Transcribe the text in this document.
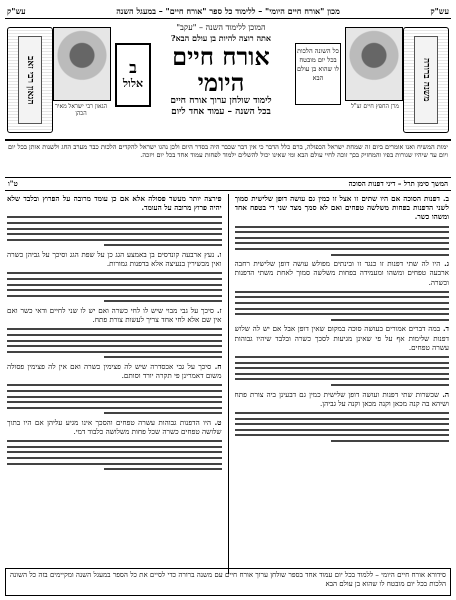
עש"ק
מכון "אורח חיים היומי" – ללימוד כל ספר "אורח חיים" – במעגל השנה
עש"ק
הגאון רבי זאב	משנה ברורה
הגאון רבי ישראל מאיר הכהן
מרן החפץ חיים זצ"ל
ב
אלול
כל השונה הלכות בכל יום מובטח לו שהוא בן עולם הבא
המוכן ללימוד השנה – "עקב"
אתה רוצה להיות בן עולם הבא?
אורח חיים היומי
לימוד שולחן ערוך אורח חיים
בכל השנה – עמוד אחד ליום
ימות המשיח ואנו אומרים ביום זה שמחת ישראל הכפולה, ברם כלל הדבר כי אין דבר שכבר היה בסדר היום ולכן נהגו ישראל להקדים הלכות כבר מערב החג ולשנות אותן בכל יום ויום עד שיהיו שגורות בפיו והמחזיק בכך זוכה לחיי עולם הבא ומי שאינו יכול להשלים ילמוד לפחות עמוד אחד בכל יום ויזכה.
המשך סימן תרל – דיני דפנות הסוכה
ט"ו

ב. דפנות הסוכה אם היו שתים זו אצל זו כמין גם עושה דופן שלישית סמוך לשני הדפנות בפחות משלשה טפחים ואם לא סמך מצד שני די בטפח אחד ומשהו כשר.

ג. היו לה שתי דפנות זו כנגד זו ובינתים מפולש עושה דופן שלישית רחבה ארבעה טפחים ומשהו ומעמידה בפחות משלשה סמוך לאחת משתי הדפנות וכשרה.

ד. במה דברים אמורים בעושה סוכה במקום שאין דופן אבל אם יש לה שלוש דפנות שלימות אף על פי שאינן מגיעות לסכך כשרה ובלבד שיהיו גבוהות עשרה טפחים.

ה. שכשרות שתי דפנות ועושה דופן שלישית כמין גם דבעינן ביה צורת פתח ושיהא בה קנה מכאן וקנה מכאן וקנה על גביהן.

פירצה יותר מעשר פסולה אלא אם כן עומד מרובה על הפרוץ ובלבד שלא יהיה פרוץ מרובה על העומד.

ו. נעץ ארבעה קונדסים בן באמצע הגג כן על שפת הגג וסיכך על גביהן כשרה ואין מכשירין בנעיצה אלא בדפנות גמורות.

ז. סיכך על גבי מבוי שיש לו לחי כשרה ואם יש לו שני לחיים ודאי כשר ואם אין שם אלא לחי אחד צריך לעשות צורת פתח.

ח. סיכך על גבי אכסדרה שיש לה פצימין כשרה ואם אין לה פצימין פסולה משום דאמרינן פי תקרה יורד וסותם.

ט. היו הדפנות גבוהות עשרה טפחים והסכך אינו מגיע עליהן אם היו בתוך שלושה טפחים כשרה שכל פחות משלושה כלבוד דמי.

סידורא אורח חיים היומי – ללמוד בכל יום עמוד אחד בספר שולחן ערוך אורח חיים עם משנה ברורה כדי לסיים את כל הספר במעגל השנה ומקיימים בזה כל השונה הלכות בכל יום מובטח לו שהוא בן עולם הבא
